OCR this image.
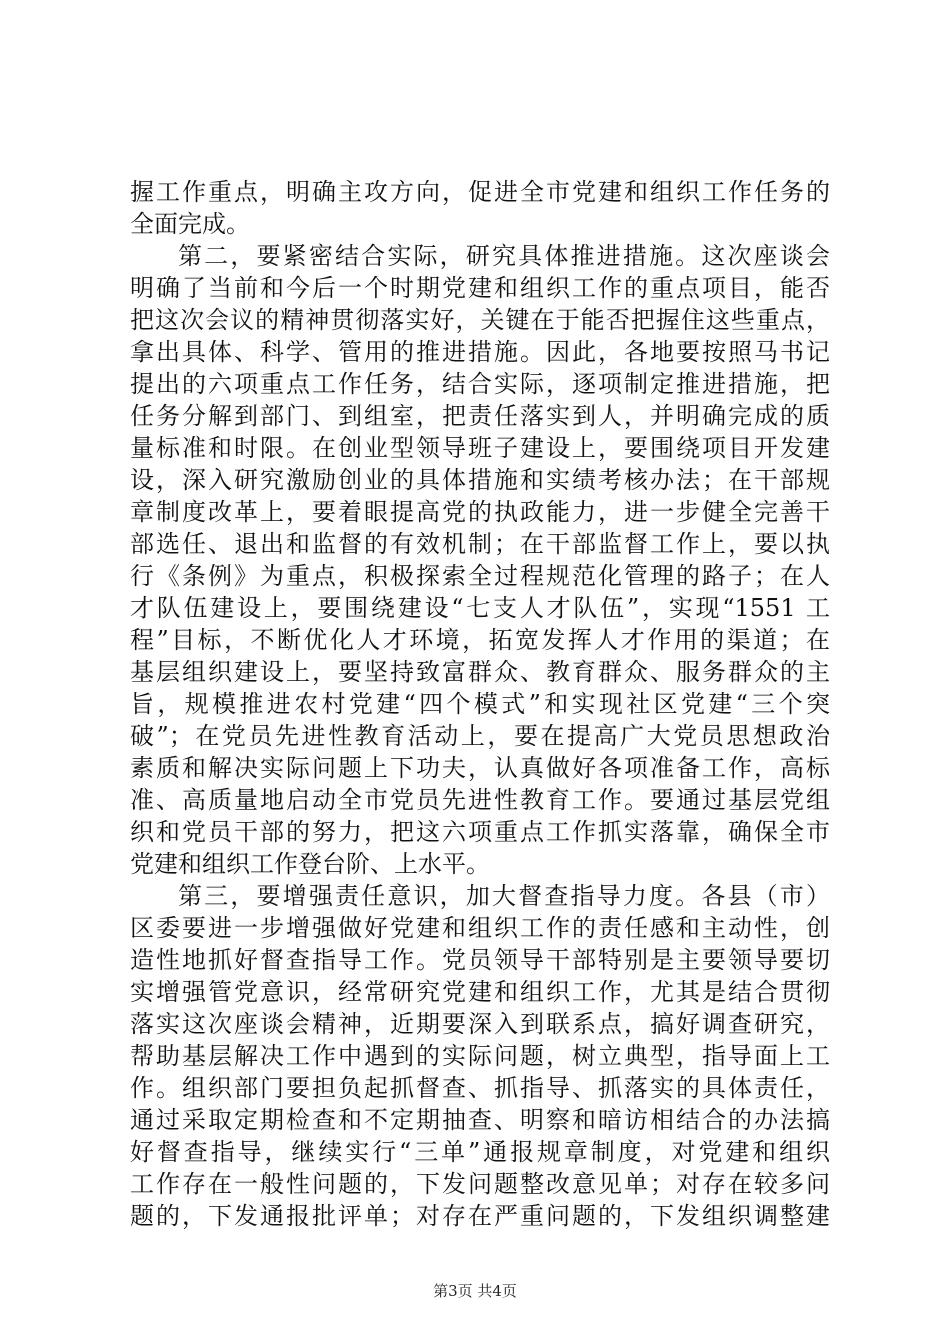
握工作重点，明确主攻方向，促进全市党建和组织工作任务的
全面完成。
第二，要紧密结合实际，研究具体推进措施。这次座谈会
明确了当前和今后一个时期党建和组织工作的重点项目，能否
把这次会议的精神贯彻落实好，关键在于能否把握住这些重点，
拿出具体、科学、管用的推进措施。因此，各地要按照马书记
提出的六项重点工作任务，结合实际，逐项制定推进措施，把
任务分解到部门、到组室，把责任落实到人，并明确完成的质
量标准和时限。在创业型领导班子建设上，要围绕项目开发建
设，深入研究激励创业的具体措施和实绩考核办法；在干部规
章制度改革上，要着眼提高党的执政能力，进一步健全完善干
部选任、退出和监督的有效机制；在干部监督工作上，要以执
行《条例》为重点，积极探索全过程规范化管理的路子；在人
才队伍建设上，要围绕建设“七支人才队伍”，实现“1551 工
程”目标，不断优化人才环境，拓宽发挥人才作用的渠道；在
基层组织建设上，要坚持致富群众、教育群众、服务群众的主
旨，规模推进农村党建“四个模式”和实现社区党建“三个突
破”；在党员先进性教育活动上，要在提高广大党员思想政治
素质和解决实际问题上下功夫，认真做好各项准备工作，高标
准、高质量地启动全市党员先进性教育工作。要通过基层党组
织和党员干部的努力，把这六项重点工作抓实落靠，确保全市
党建和组织工作登台阶、上水平。
第三，要增强责任意识，加大督查指导力度。各县（市）
区委要进一步增强做好党建和组织工作的责任感和主动性，创
造性地抓好督查指导工作。党员领导干部特别是主要领导要切
实增强管党意识，经常研究党建和组织工作，尤其是结合贯彻
落实这次座谈会精神，近期要深入到联系点，搞好调查研究，
帮助基层解决工作中遇到的实际问题，树立典型，指导面上工
作。组织部门要担负起抓督查、抓指导、抓落实的具体责任，
通过采取定期检查和不定期抽查、明察和暗访相结合的办法搞
好督查指导，继续实行“三单”通报规章制度，对党建和组织
工作存在一般性问题的，下发问题整改意见单；对存在较多问
题的，下发通报批评单；对存在严重问题的，下发组织调整建
第3页 共4页
